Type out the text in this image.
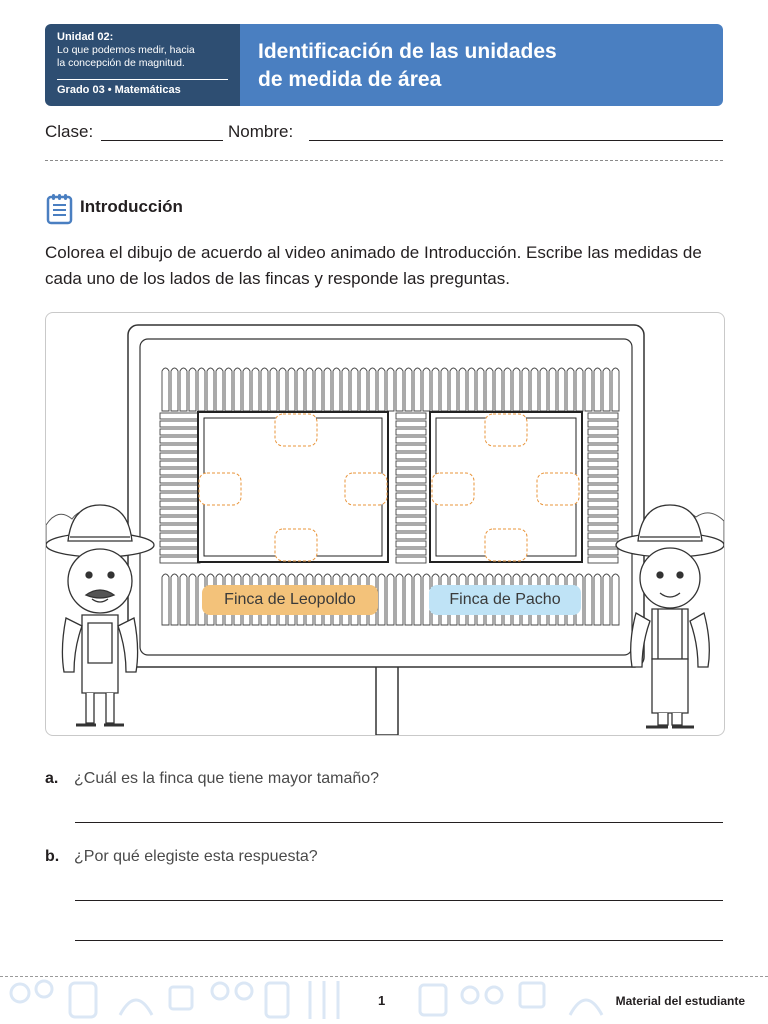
Unidad 02:
Lo que podemos medir, hacia
la concepción de magnitud.
Grado 03 • Matemáticas
Identificación de las unidades
de medida de área
Clase:	Nombre:
Introducción
Colorea el dibujo de acuerdo al video animado de Introducción. Escribe las medidas de cada uno de los lados de las fincas y responde las preguntas.
Finca de Leopoldo	Finca de Pacho
a. ¿Cuál es la finca que tiene mayor tamaño?
b. ¿Por qué elegiste esta respuesta?
1	Material del estudiante
